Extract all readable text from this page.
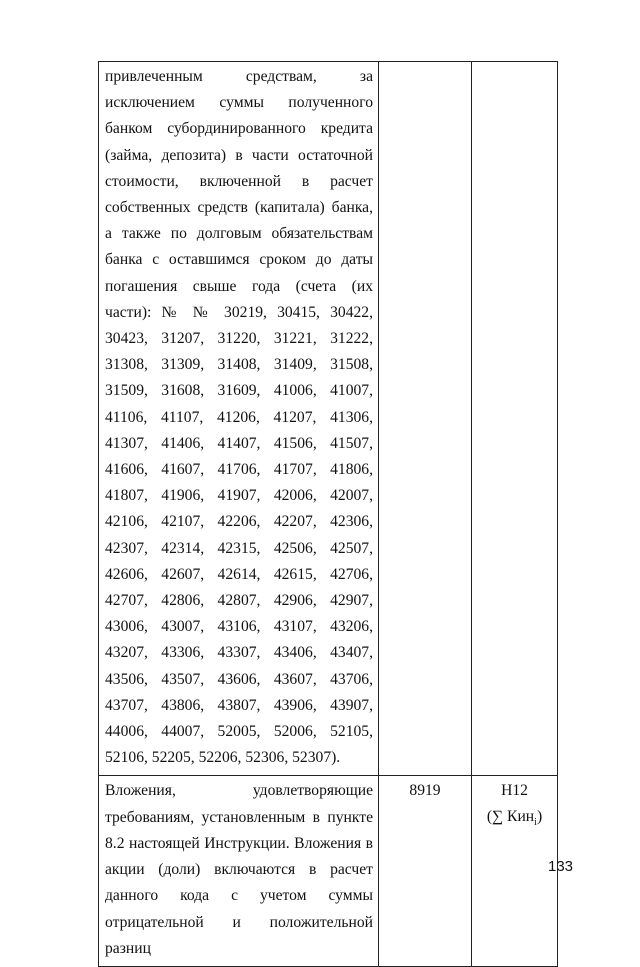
привлеченным средствам, за исключением суммы полученного банком субординированного кредита (займа, депозита) в части остаточной стоимости, включенной в расчет собственных средств (капитала) банка, а также по долговым обязательствам банка с оставшимся сроком до даты погашения свыше года (счета (их части): № № 30219, 30415, 30422, 30423, 31207, 31220, 31221, 31222, 31308, 31309, 31408, 31409, 31508, 31509, 31608, 31609, 41006, 41007, 41106, 41107, 41206, 41207, 41306, 41307, 41406, 41407, 41506, 41507, 41606, 41607, 41706, 41707, 41806, 41807, 41906, 41907, 42006, 42007, 42106, 42107, 42206, 42207, 42306, 42307, 42314, 42315, 42506, 42507, 42606, 42607, 42614, 42615, 42706, 42707, 42806, 42807, 42906, 42907, 43006, 43007, 43106, 43107, 43206, 43207, 43306, 43307, 43406, 43407, 43506, 43507, 43606, 43607, 43706, 43707, 43806, 43807, 43906, 43907, 44006, 44007, 52005, 52006, 52105, 52106, 52205, 52206, 52306, 52307).		

Вложения, удовлетворяющие требованиям, установленным в пункте 8.2 настоящей Инструкции. Вложения в акции (доли) включаются в расчет данного кода с учетом суммы отрицательной и положительной разниц	8919	Н12
(∑ Кин$_i$)
133
